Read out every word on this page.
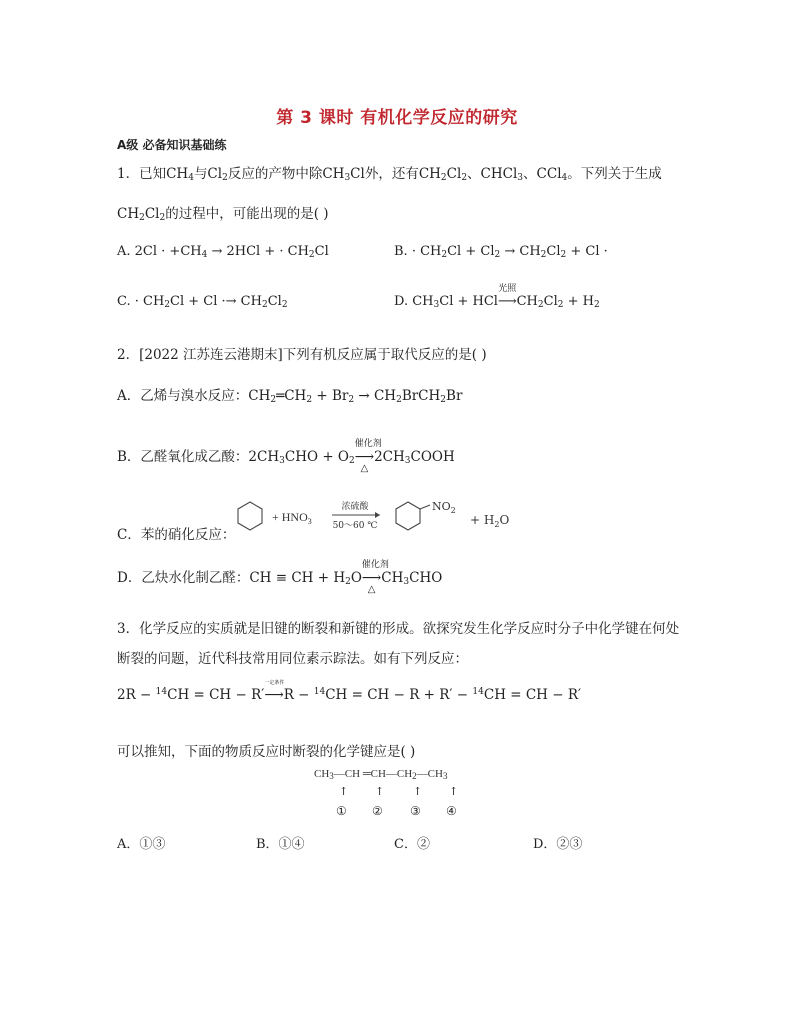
第 3 课时 有机化学反应的研究
A级 必备知识基础练
1．已知$CH_4$与$Cl_2$反应的产物中除$CH_3Cl$外，还有$CH_2Cl_2$、CHCl$_3$、CCl$_4$。下列关于生成
$CH_2Cl_2$的过程中，可能出现的是( )
A. $2Cl \cdot +CH_4 \to 2HCl$ + · $CH_2Cl$	B. · $CH_2Cl + Cl_2 \to CH_2Cl_2 + Cl$ ·
C. · $CH_2Cl + Cl \cdot\to CH_2Cl_2$	D. $CH_3Cl$ + HCl
光照
$⟶CH_2Cl_2 + H_2$
2．[2022 江苏连云港期末]下列有机反应属于取代反应的是( )
A．乙烯与溴水反应：$CH_2═CH_2 + Br_2$ → $CH_2BrCH_2Br$
B．乙醛氧化成乙酸：$2CH_3CHO + O_2$
催化剂
⟶
△
$2CH_3COOH$
C．苯的硝化反应：
+ $HNO_3$
浓硫酸
50～60 ℃
$NO_2$
+ $H_2O$
D．乙炔水化制乙醛：CH ≡ CH + $H_2O$
催化剂
⟶
△
$CH_3CHO$
3．化学反应的实质就是旧键的断裂和新键的形成。欲探究发生化学反应时分子中化学键在何处
断裂的问题，近代科技常用同位素示踪法。如有下列反应：
2R − $^{14}$CH = CH − R′
一定条件
⟶R − $^{14}$CH = CH − R + R′ − $^{14}$CH = CH − R′
可以推知，下面的物质反应时断裂的化学键应是( )
$CH_3—CH$ $═CH—CH_2—CH_3$
↑ ↑	↑ ↑
① ② ③ ④
A．①③	B．①④	C．②	D．②③
